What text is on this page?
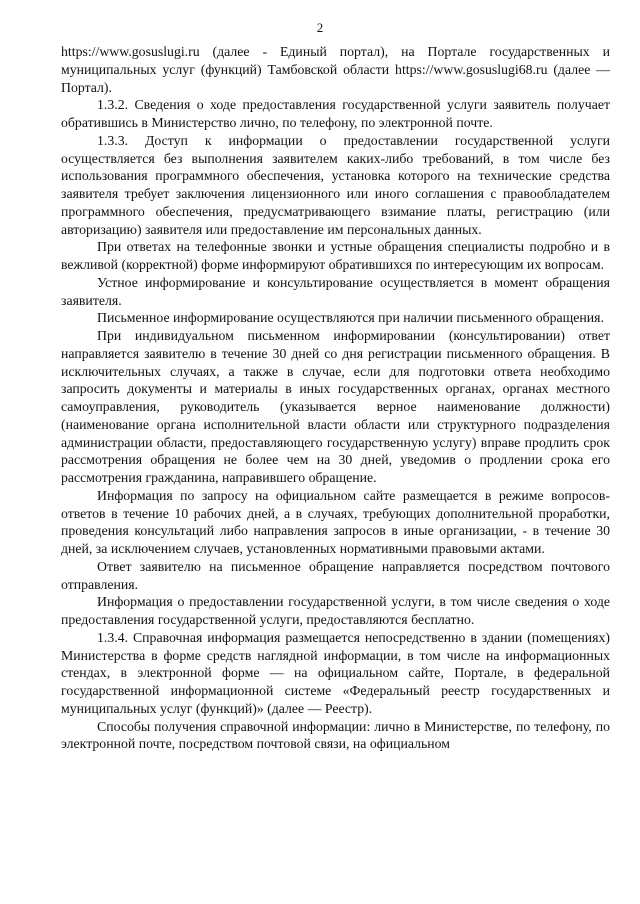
2

https://www.gosuslugi.ru (далее - Единый портал), на Портале государственных и муниципальных услуг (функций) Тамбовской области https://www.gosuslugi68.ru (далее — Портал).

1.3.2. Сведения о ходе предоставления государственной услуги заявитель получает обратившись в Министерство лично, по телефону, по электронной почте.

1.3.3. Доступ к информации о предоставлении государственной услуги осуществляется без выполнения заявителем каких-либо требований, в том числе без использования программного обеспечения, установка которого на технические средства заявителя требует заключения лицензионного или иного соглашения с правообладателем программного обеспечения, предусматривающего взимание платы, регистрацию (или авторизацию) заявителя или предоставление им персональных данных.

При ответах на телефонные звонки и устные обращения специалисты подробно и в вежливой (корректной) форме информируют обратившихся по интересующим их вопросам.

Устное информирование и консультирование осуществляется в момент обращения заявителя.

Письменное информирование осуществляются при наличии письменного обращения.

При индивидуальном письменном информировании (консультировании) ответ направляется заявителю в течение 30 дней со дня регистрации письменного обращения. В исключительных случаях, а также в случае, если для подготовки ответа необходимо запросить документы и материалы в иных государственных органах, органах местного самоуправления, руководитель (указывается верное наименование должности)(наименование органа исполнительной власти области или структурного подразделения администрации области, предоставляющего государственную услугу) вправе продлить срок рассмотрения обращения не более чем на 30 дней, уведомив о продлении срока его рассмотрения гражданина, направившего обращение.

Информация по запросу на официальном сайте размещается в режиме вопросов-ответов в течение 10 рабочих дней, а в случаях, требующих дополнительной проработки, проведения консультаций либо направления запросов в иные организации, - в течение 30 дней, за исключением случаев, установленных нормативными правовыми актами.

Ответ заявителю на письменное обращение направляется посредством почтового отправления.

Информация о предоставлении государственной услуги, в том числе сведения о ходе предоставления государственной услуги, предоставляются бесплатно.

1.3.4. Справочная информация размещается непосредственно в здании (помещениях) Министерства в форме средств наглядной информации, в том числе на информационных стендах, в электронной форме — на официальном сайте, Портале, в федеральной государственной информационной системе «Федеральный реестр государственных и муниципальных услуг (функций)» (далее — Реестр).

Способы получения справочной информации: лично в Министерстве, по телефону, по электронной почте, посредством почтовой связи, на официальном
